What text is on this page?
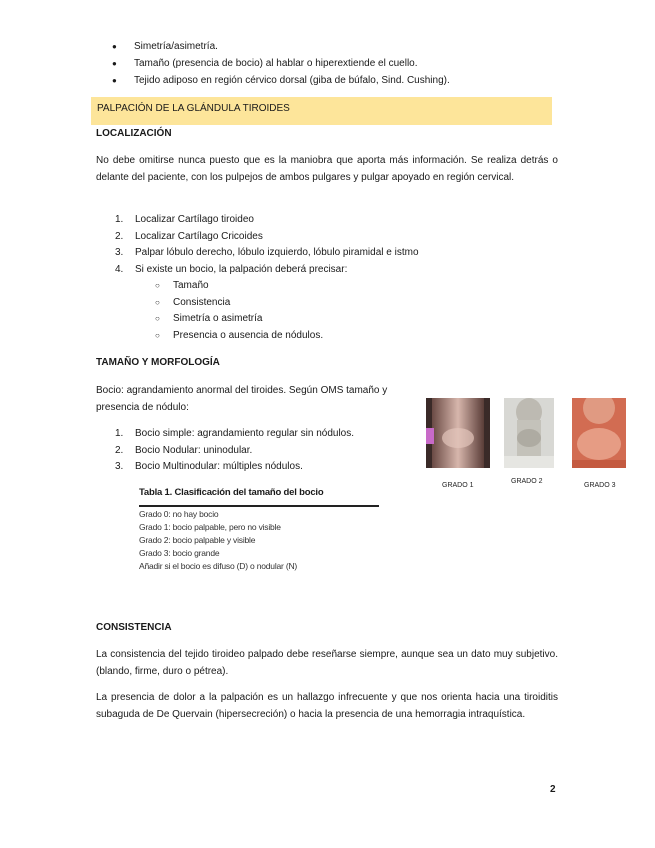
● Simetría/asimetría.
● Tamaño (presencia de bocio) al hablar o hiperextiende el cuello.
● Tejido adiposo en región cérvico dorsal (giba de búfalo, Sind. Cushing).
PALPACIÓN DE LA GLÁNDULA TIROIDES
LOCALIZACIÓN
No debe omitirse nunca puesto que es la maniobra que aporta más información. Se realiza detrás o delante del paciente, con los pulpejos de ambos pulgares y pulgar apoyado en región cervical.
1. Localizar Cartílago tiroideo
2. Localizar Cartílago Cricoides
3. Palpar lóbulo derecho, lóbulo izquierdo, lóbulo piramidal e istmo
4. Si existe un bocio, la palpación deberá precisar:
○ Tamaño
○ Consistencia
○ Simetría o asimetría
○ Presencia o ausencia de nódulos.
TAMAÑO Y MORFOLOGÍA
Bocio: agrandamiento anormal del tiroides. Según OMS tamaño y presencia de nódulo:
1. Bocio simple: agrandamiento regular sin nódulos.
2. Bocio Nodular: uninodular.
3. Bocio Multinodular: múltiples nódulos.
GRADO 1
GRADO 2
GRADO 3
Tabla 1. Clasificación del tamaño del bocio
Grado 0: no hay bocio
Grado 1: bocio palpable, pero no visible
Grado 2: bocio palpable y visible
Grado 3: bocio grande
Añadir si el bocio es difuso (D) o nodular (N)
CONSISTENCIA
La consistencia del tejido tiroideo palpado debe reseñarse siempre, aunque sea un dato muy subjetivo. (blando, firme, duro o pétrea).
La presencia de dolor a la palpación es un hallazgo infrecuente y que nos orienta hacia una tiroiditis subaguda de De Quervain (hipersecreción) o hacia la presencia de una hemorragia intraquística.
2
